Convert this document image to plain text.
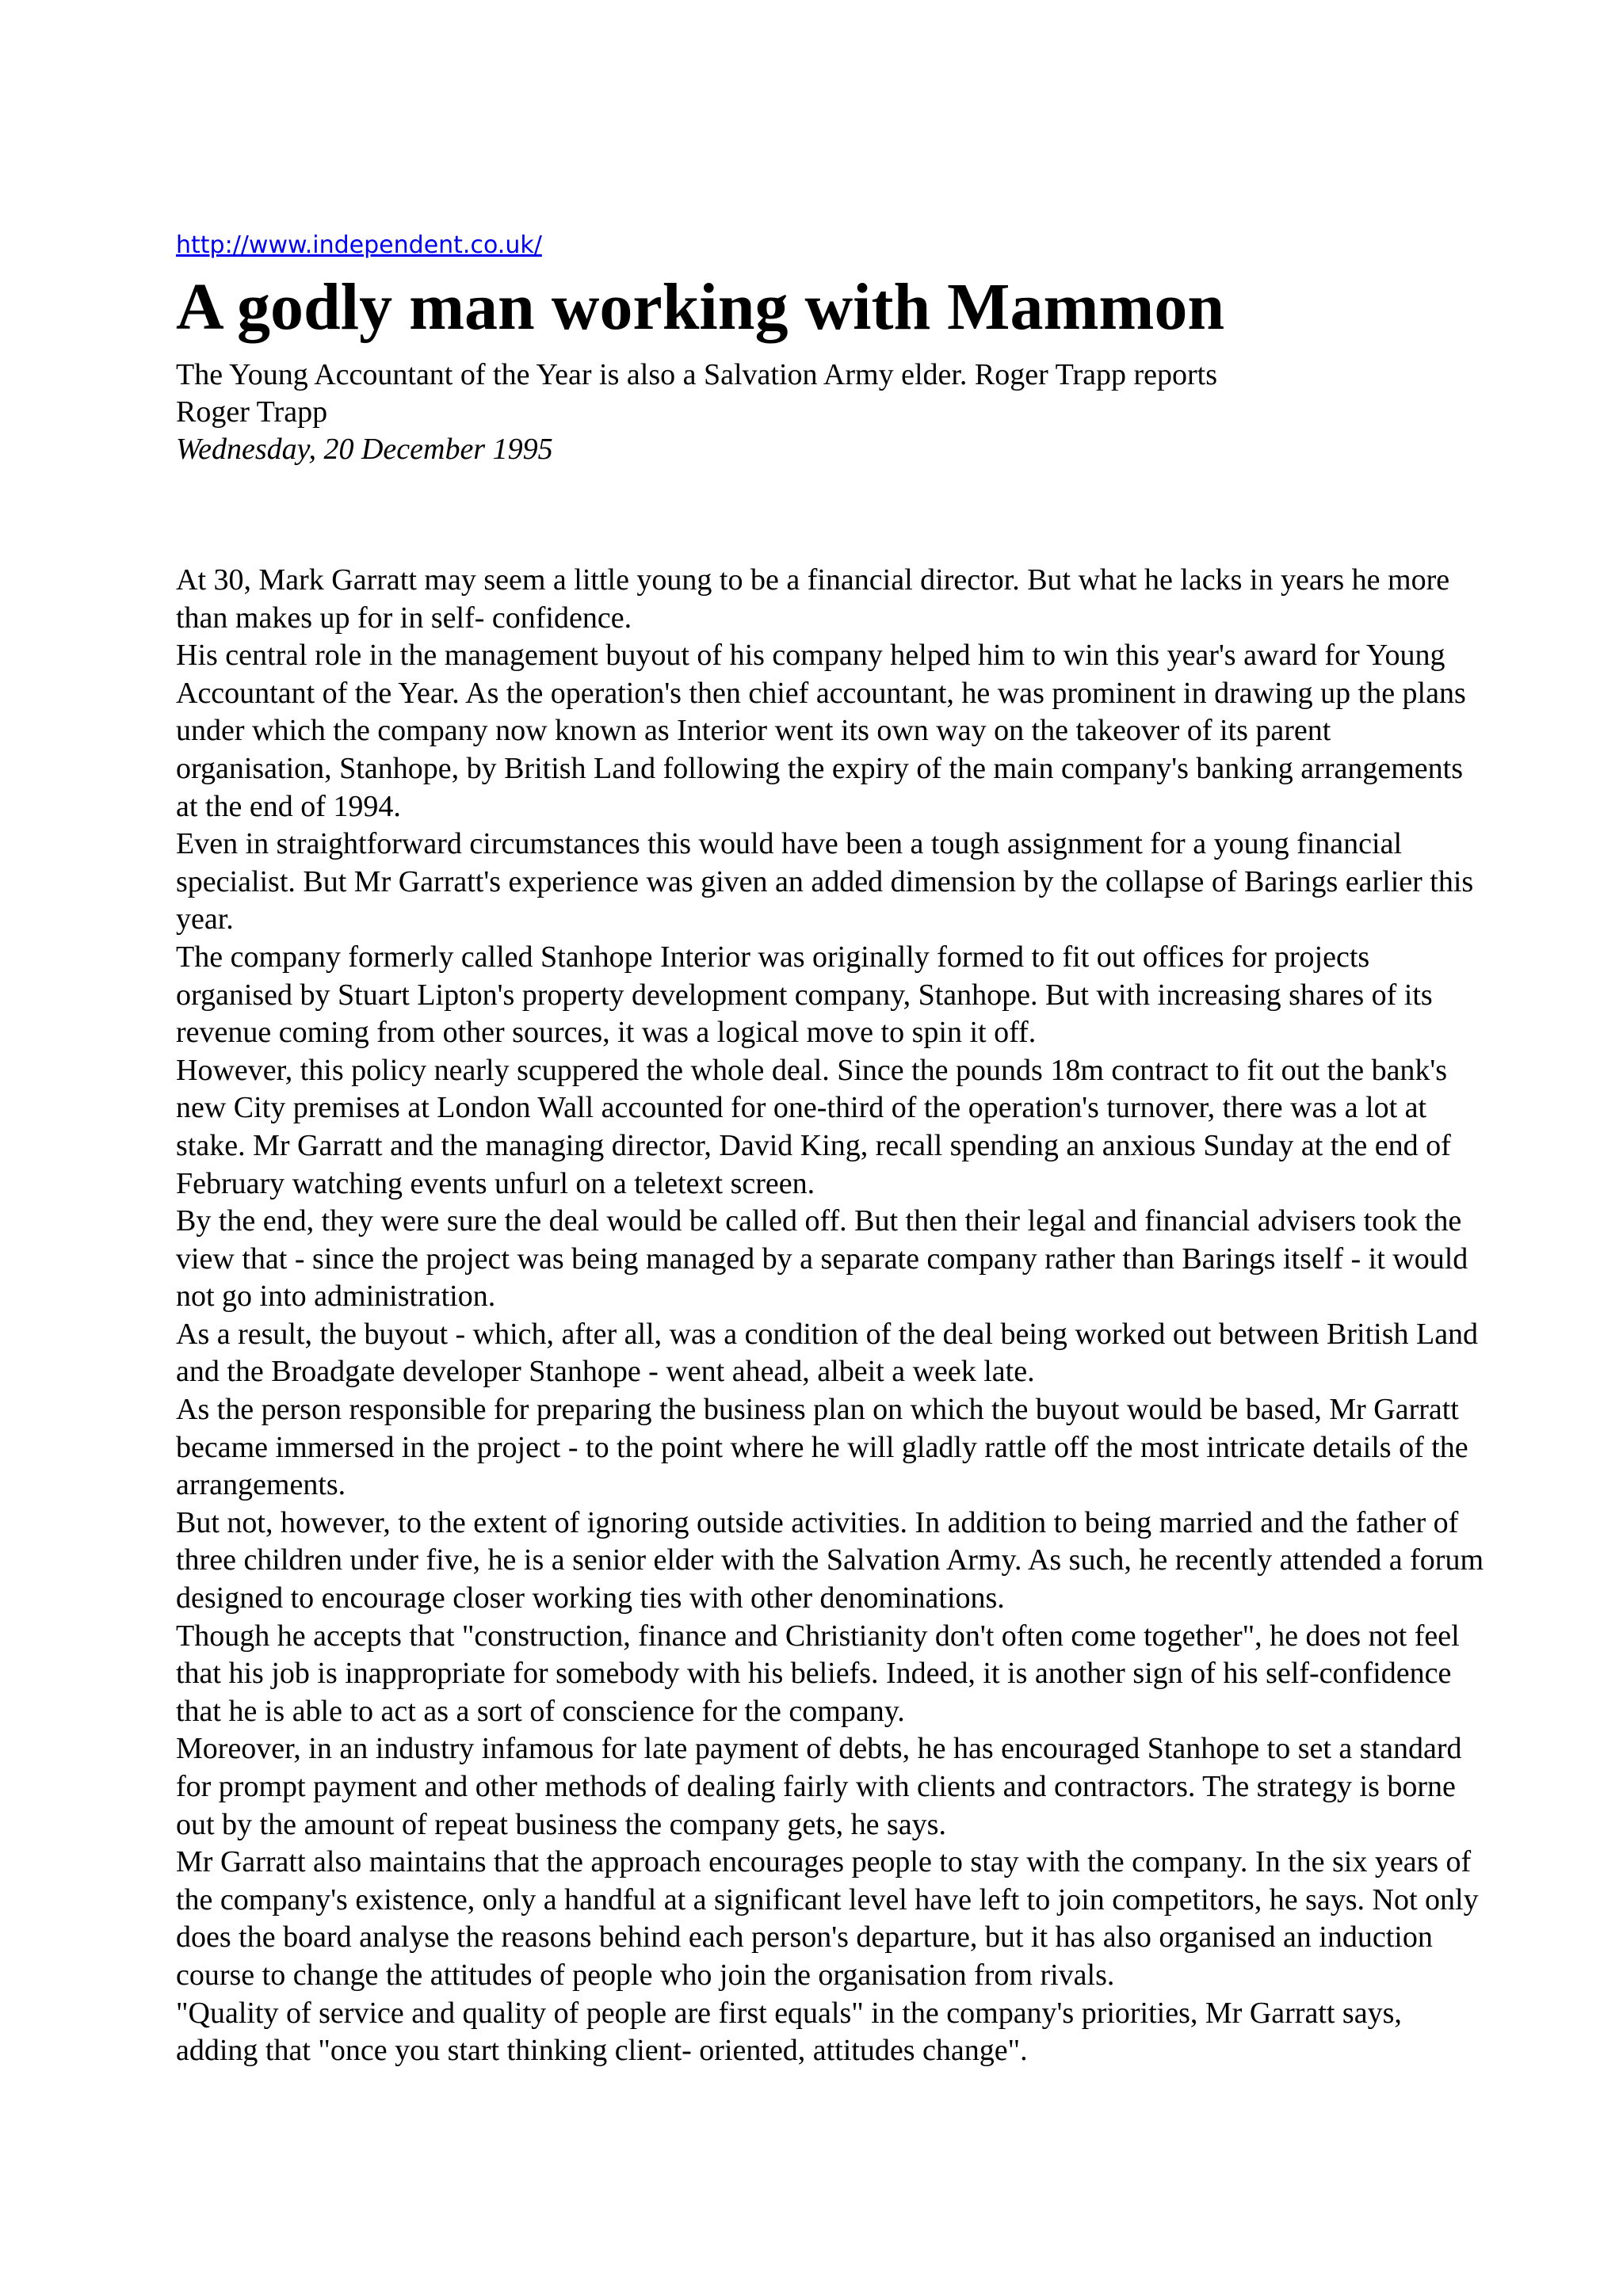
http://www.independent.co.uk/
A godly man working with Mammon

The Young Accountant of the Year is also a Salvation Army elder. Roger Trapp reports

Roger Trapp

Wednesday, 20 December 1995

At 30, Mark Garratt may seem a little young to be a financial director. But what he lacks in years he more than makes up for in self- confidence.

His central role in the management buyout of his company helped him to win this year's award for Young Accountant of the Year. As the operation's then chief accountant, he was prominent in drawing up the plans under which the company now known as Interior went its own way on the takeover of its parent organisation, Stanhope, by British Land following the expiry of the main company's banking arrangements at the end of 1994.

Even in straightforward circumstances this would have been a tough assignment for a young financial specialist. But Mr Garratt's experience was given an added dimension by the collapse of Barings earlier this year.

The company formerly called Stanhope Interior was originally formed to fit out offices for projects organised by Stuart Lipton's property development company, Stanhope. But with increasing shares of its revenue coming from other sources, it was a logical move to spin it off.

However, this policy nearly scuppered the whole deal. Since the pounds 18m contract to fit out the bank's new City premises at London Wall accounted for one-third of the operation's turnover, there was a lot at stake. Mr Garratt and the managing director, David King, recall spending an anxious Sunday at the end of February watching events unfurl on a teletext screen.

By the end, they were sure the deal would be called off. But then their legal and financial advisers took the view that - since the project was being managed by a separate company rather than Barings itself - it would not go into administration.

As a result, the buyout - which, after all, was a condition of the deal being worked out between British Land and the Broadgate developer Stanhope - went ahead, albeit a week late.

As the person responsible for preparing the business plan on which the buyout would be based, Mr Garratt became immersed in the project - to the point where he will gladly rattle off the most intricate details of the arrangements.

But not, however, to the extent of ignoring outside activities. In addition to being married and the father of three children under five, he is a senior elder with the Salvation Army. As such, he recently attended a forum designed to encourage closer working ties with other denominations.

Though he accepts that "construction, finance and Christianity don't often come together", he does not feel that his job is inappropriate for somebody with his beliefs. Indeed, it is another sign of his self-confidence that he is able to act as a sort of conscience for the company.

Moreover, in an industry infamous for late payment of debts, he has encouraged Stanhope to set a standard for prompt payment and other methods of dealing fairly with clients and contractors. The strategy is borne out by the amount of repeat business the company gets, he says.

Mr Garratt also maintains that the approach encourages people to stay with the company. In the six years of the company's existence, only a handful at a significant level have left to join competitors, he says. Not only does the board analyse the reasons behind each person's departure, but it has also organised an induction course to change the attitudes of people who join the organisation from rivals.

"Quality of service and quality of people are first equals" in the company's priorities, Mr Garratt says, adding that "once you start thinking client- oriented, attitudes change".
